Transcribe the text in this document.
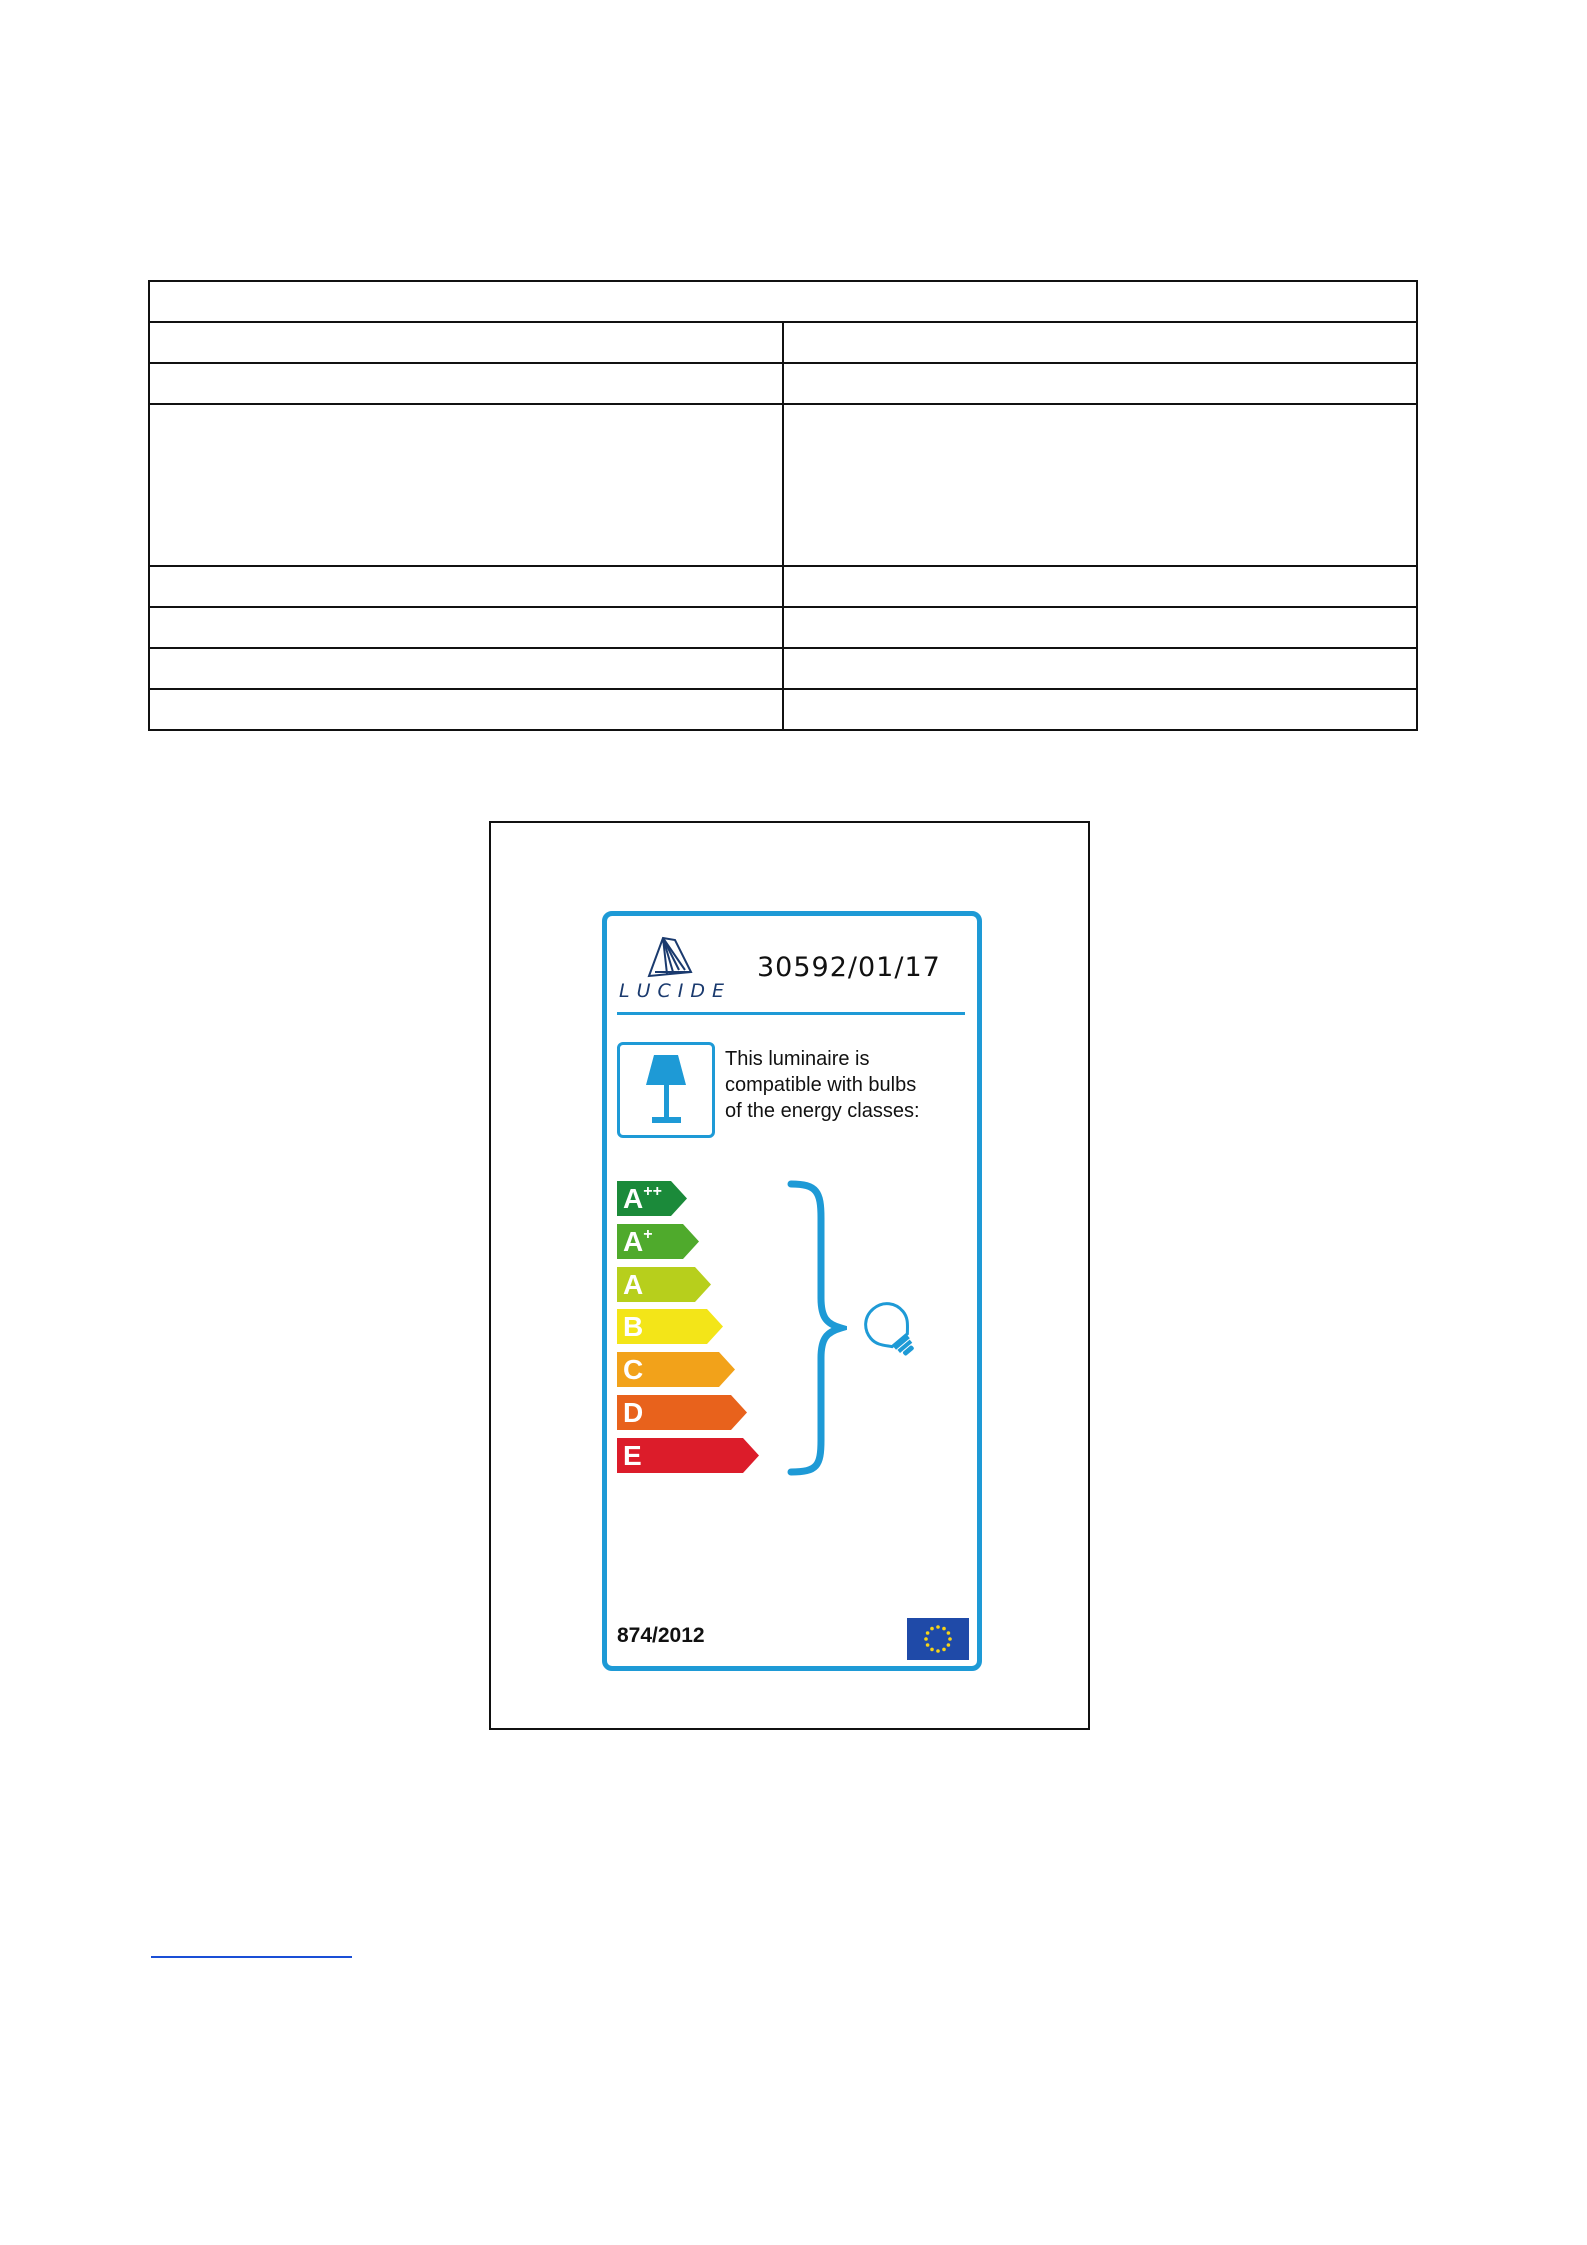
LUCIDE
30592/01/17
This luminaire is
compatible with bulbs
of the energy classes:
A++
A+
A
B
C
D
E
874/2012
